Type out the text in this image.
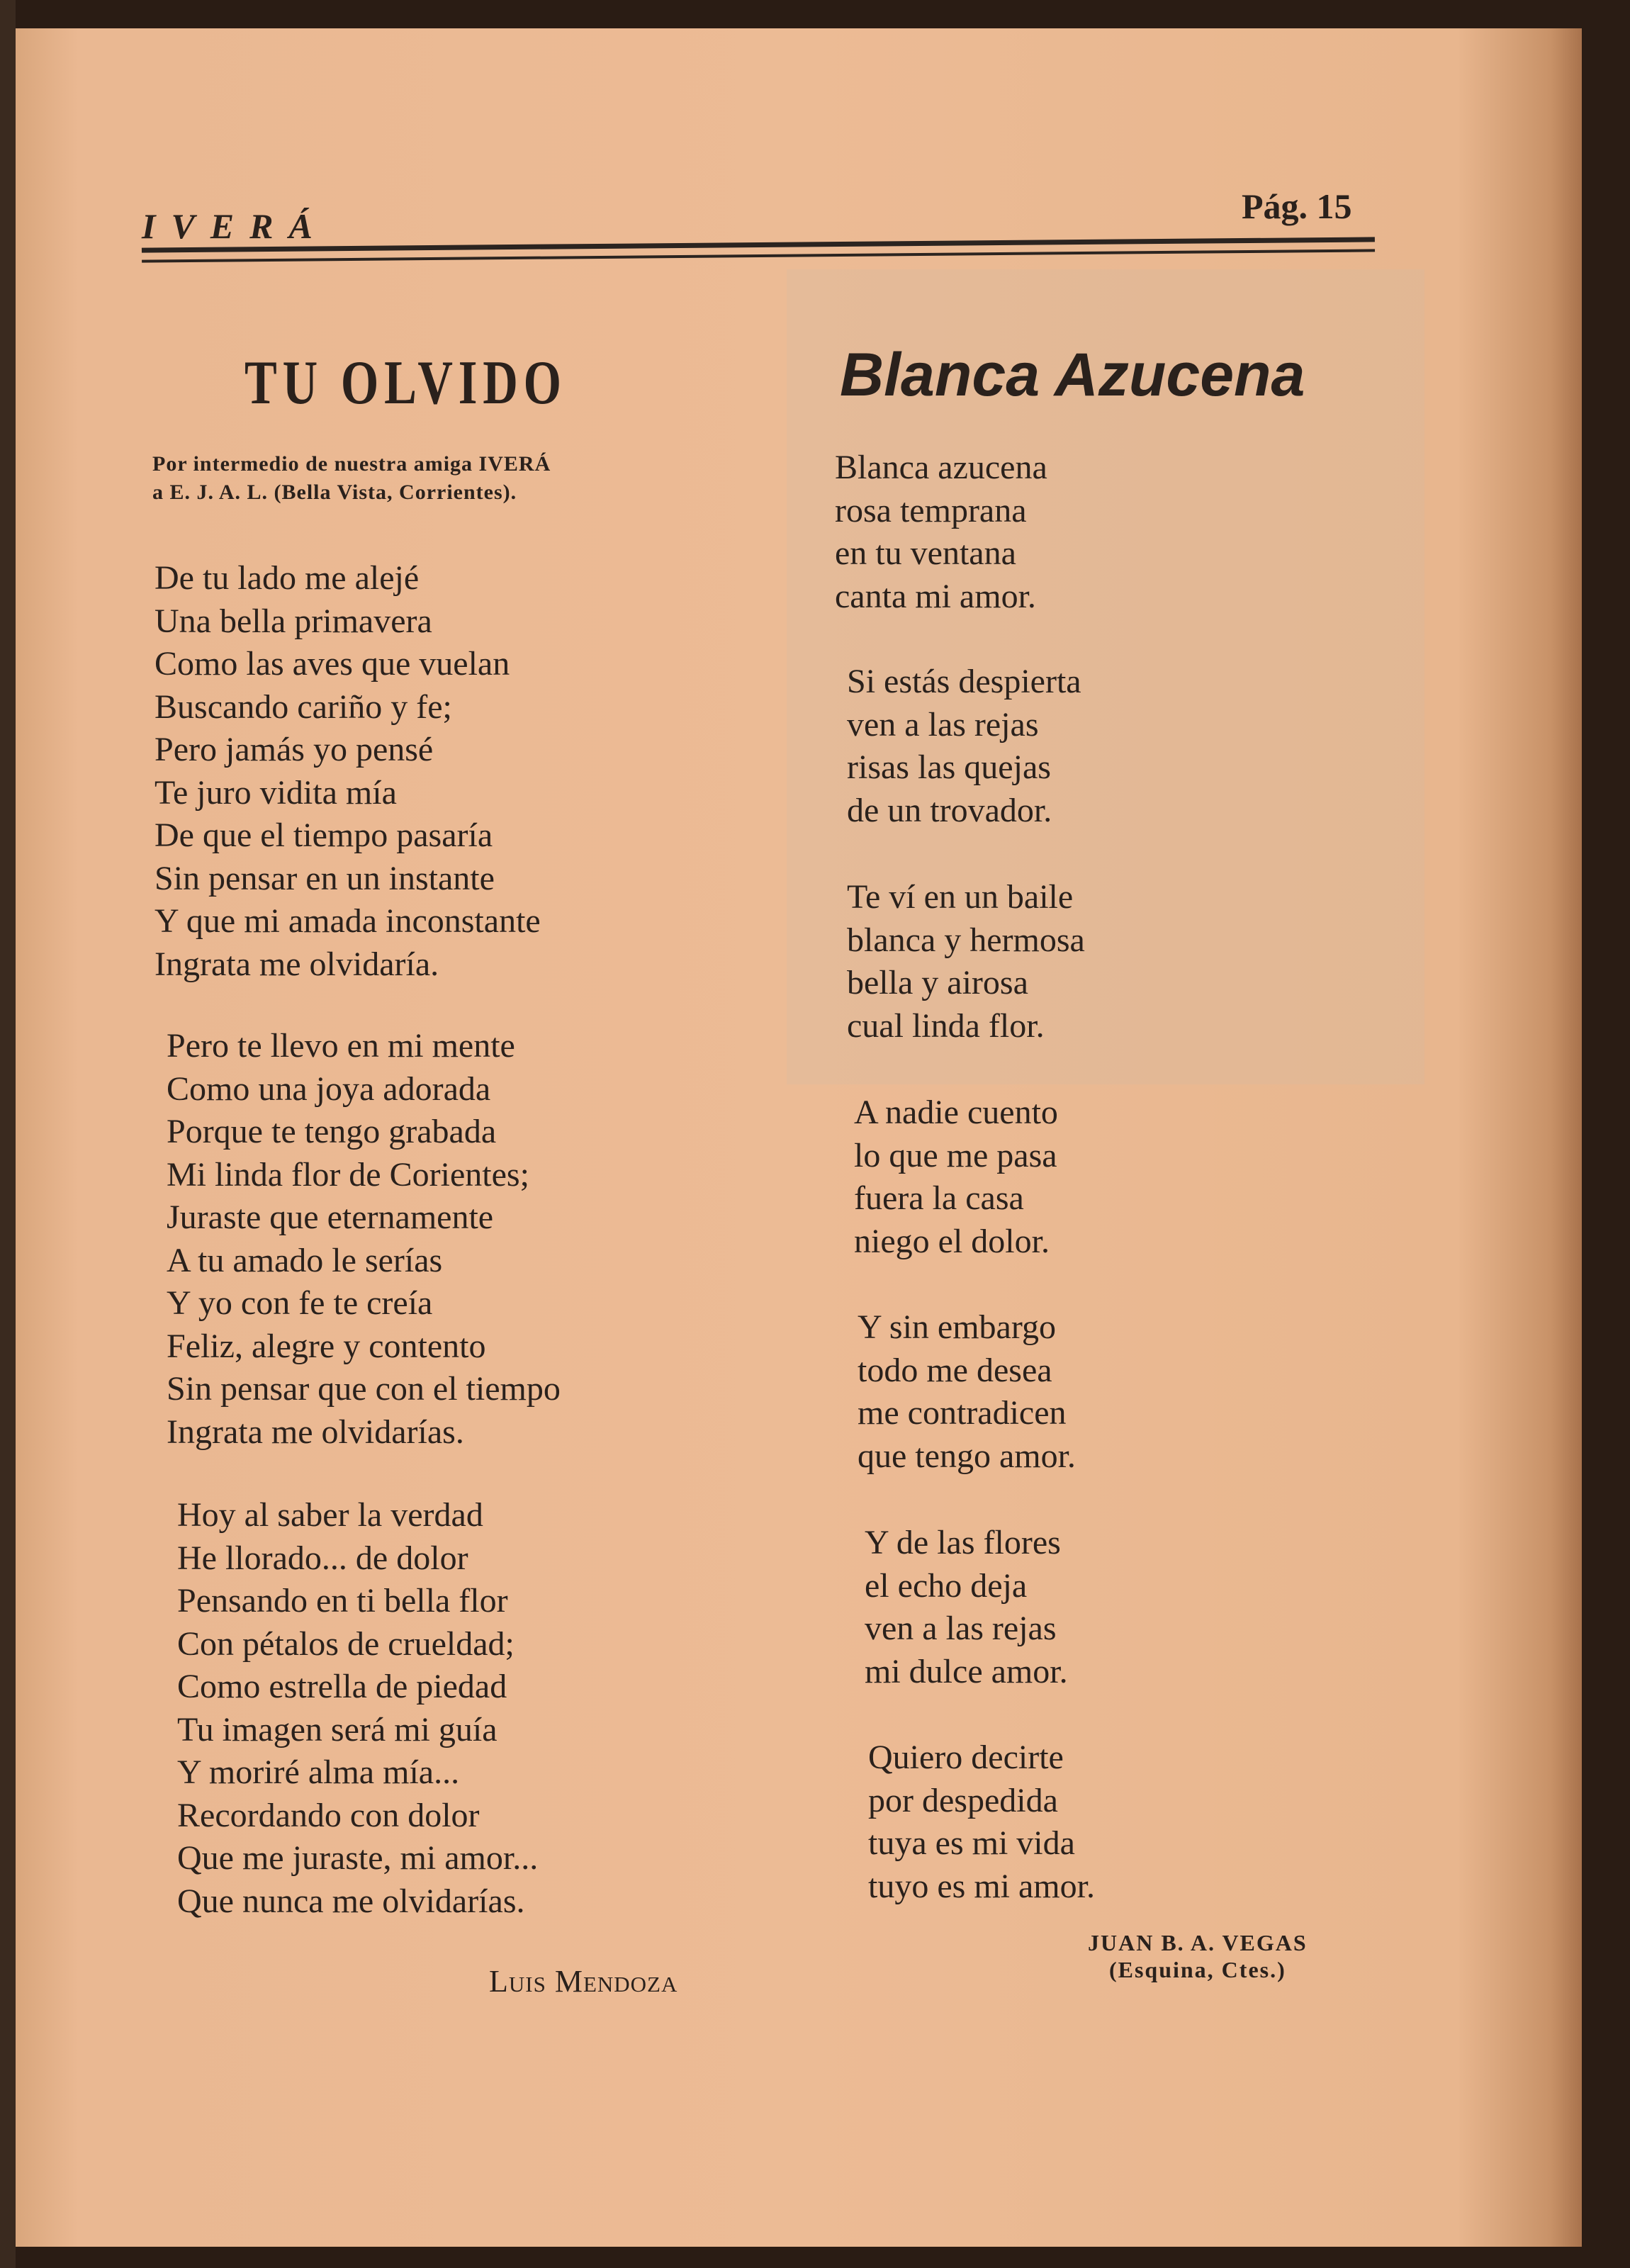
IVERÁ	Pág. 15
TU OLVIDO	Blanca Azucena
Por intermedio de nuestra amiga IVERÁ
a E. J. A. L. (Bella Vista, Corrientes).
De tu lado me alejé
Una bella primavera
Como las aves que vuelan
Buscando cariño y fe;
Pero jamás yo pensé
Te juro vidita mía
De que el tiempo pasaría
Sin pensar en un instante
Y que mi amada inconstante
Ingrata me olvidaría.
Pero te llevo en mi mente
Como una joya adorada
Porque te tengo grabada
Mi linda flor de Corientes;
Juraste que eternamente
A tu amado le serías
Y yo con fe te creía
Feliz, alegre y contento
Sin pensar que con el tiempo
Ingrata me olvidarías.
Hoy al saber la verdad
He llorado... de dolor
Pensando en ti bella flor
Con pétalos de crueldad;
Como estrella de piedad
Tu imagen será mi guía
Y moriré alma mía...
Recordando con dolor
Que me juraste, mi amor...
Que nunca me olvidarías.
Blanca azucena
rosa temprana
en tu ventana
canta mi amor.
Si estás despierta
ven a las rejas
risas las quejas
de un trovador.
Te ví en un baile
blanca y hermosa
bella y airosa
cual linda flor.
A nadie cuento
lo que me pasa
fuera la casa
niego el dolor.
Y sin embargo
todo me desea
me contradicen
que tengo amor.
Y de las flores
el echo deja
ven a las rejas
mi dulce amor.
Quiero decirte
por despedida
tuya es mi vida
tuyo es mi amor.
Luis Mendoza
JUAN B. A. VEGAS
(Esquina, Ctes.)
